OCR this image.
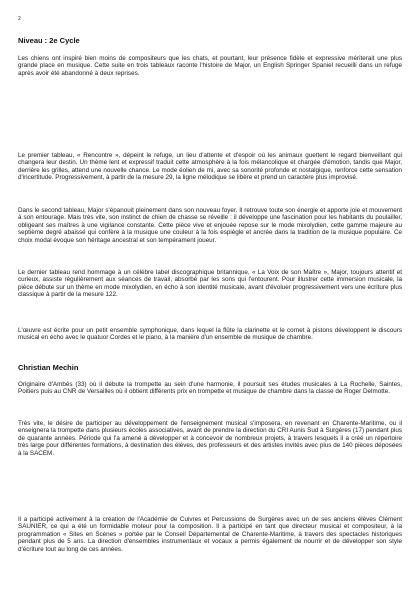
2
Niveau : 2e Cycle

Les chiens ont inspiré bien moins de compositeurs que les chats, et pourtant, leur présence fidèle et expressive mériterait une plus grande place en musique. Cette suite en trois tableaux raconte l'histoire de Major, un English Springer Spaniel recueilli dans un refuge après avoir été abandonné à deux reprises.

Le premier tableau, « Rencontre », dépeint le refuge, un lieu d'attente et d'espoir où les animaux guettent le regard bienveillant qui changera leur destin. Un thème lent et expressif traduit cette atmosphère à la fois mélancolique et chargée d'émotion, tandis que Major, derrière les grilles, attend une nouvelle chance. Le mode éolien de mi, avec sa sonorité profonde et nostalgique, renforce cette sensation d'incertitude. Progressivement, à partir de la mesure 29, la ligne mélodique se libère et prend un caractère plus improvisé.

Dans le second tableau, Major s'épanouit pleinement dans son nouveau foyer. Il retrouve toute son énergie et apporte joie et mouvement à son entourage. Mais très vite, son instinct de chien de chasse se réveille : il développe une fascination pour les habitants du poulailler, obligeant ses maîtres à une vigilance constante. Cette pièce vive et enjouée repose sur le mode mixolydien, cette gamme majeure au septième degré abaissé qui confère à la musique une couleur à la fois espiègle et ancrée dans la tradition de la musique populaire. Ce choix modal évoque son héritage ancestral et son tempérament joueur.

Le dernier tableau rend hommage à un célèbre label discographique britannique, « La Voix de son Maître », Major, toujours attentif et curieux, assiste régulièrement aux séances de travail, absorbé par les sons qui l'entourent. Pour illustrer cette immersion musicale, la pièce débute sur un thème en mode mixolydien, en écho à son identité musicale, avant d'évoluer progressivement vers une écriture plus classique à partir de la mesure 122.

L'œuvre est écrite pour un petit ensemble symphonique, dans lequel la flûte la clarinette et le cornet à pistons développent le discours musical en écho avec le quatuor Cordes et le piano, à la manière d'un ensemble de musique de chambre.

Christian Mechin

Originaire d'Ambès (33) où il débute la trompette au sein d'une harmonie, il poursuit ses études musicales à La Rochelle, Saintes, Poitiers puis au CNR de Versailles où il obtient différents prix en trompette et musique de chambre dans la classe de Roger Delmotte.

Très vite, le désire de participer au développement de l'enseignement musical s'imposera, en revenant en Charente-Maritime, ou il enseignera la trompette dans plusieurs écoles associatives, avant de prendre la direction du CRI Aunis Sud à Surgères (17) pendant plus de quarante années. Période qui l'a amené à développer et à concevoir de nombreux projets, à travers lesquels il a créé un répertoire très large pour différentes formations, à destination des élèves, des professeurs et des artistes invités avec plus de 140 pièces déposées à la SACEM.

Il a participé activement à la création de l'Académie de Cuivres et Percussions de Surgères avec un de ses anciens élèves Clément SAUNIER, ce qui a été un formidable moteur pour la composition. Il a participé en tant que directeur musical et compositeur, à la programmation « Sites en Scènes » portée par le Conseil Départemental de Charente-Maritime, à travers des spectacles historiques pendant plus de 5 ans. La direction d'ensembles instrumentaux et vocaux a permis également de nourrir et de développer son style d'écriture tout au long de ces années.
